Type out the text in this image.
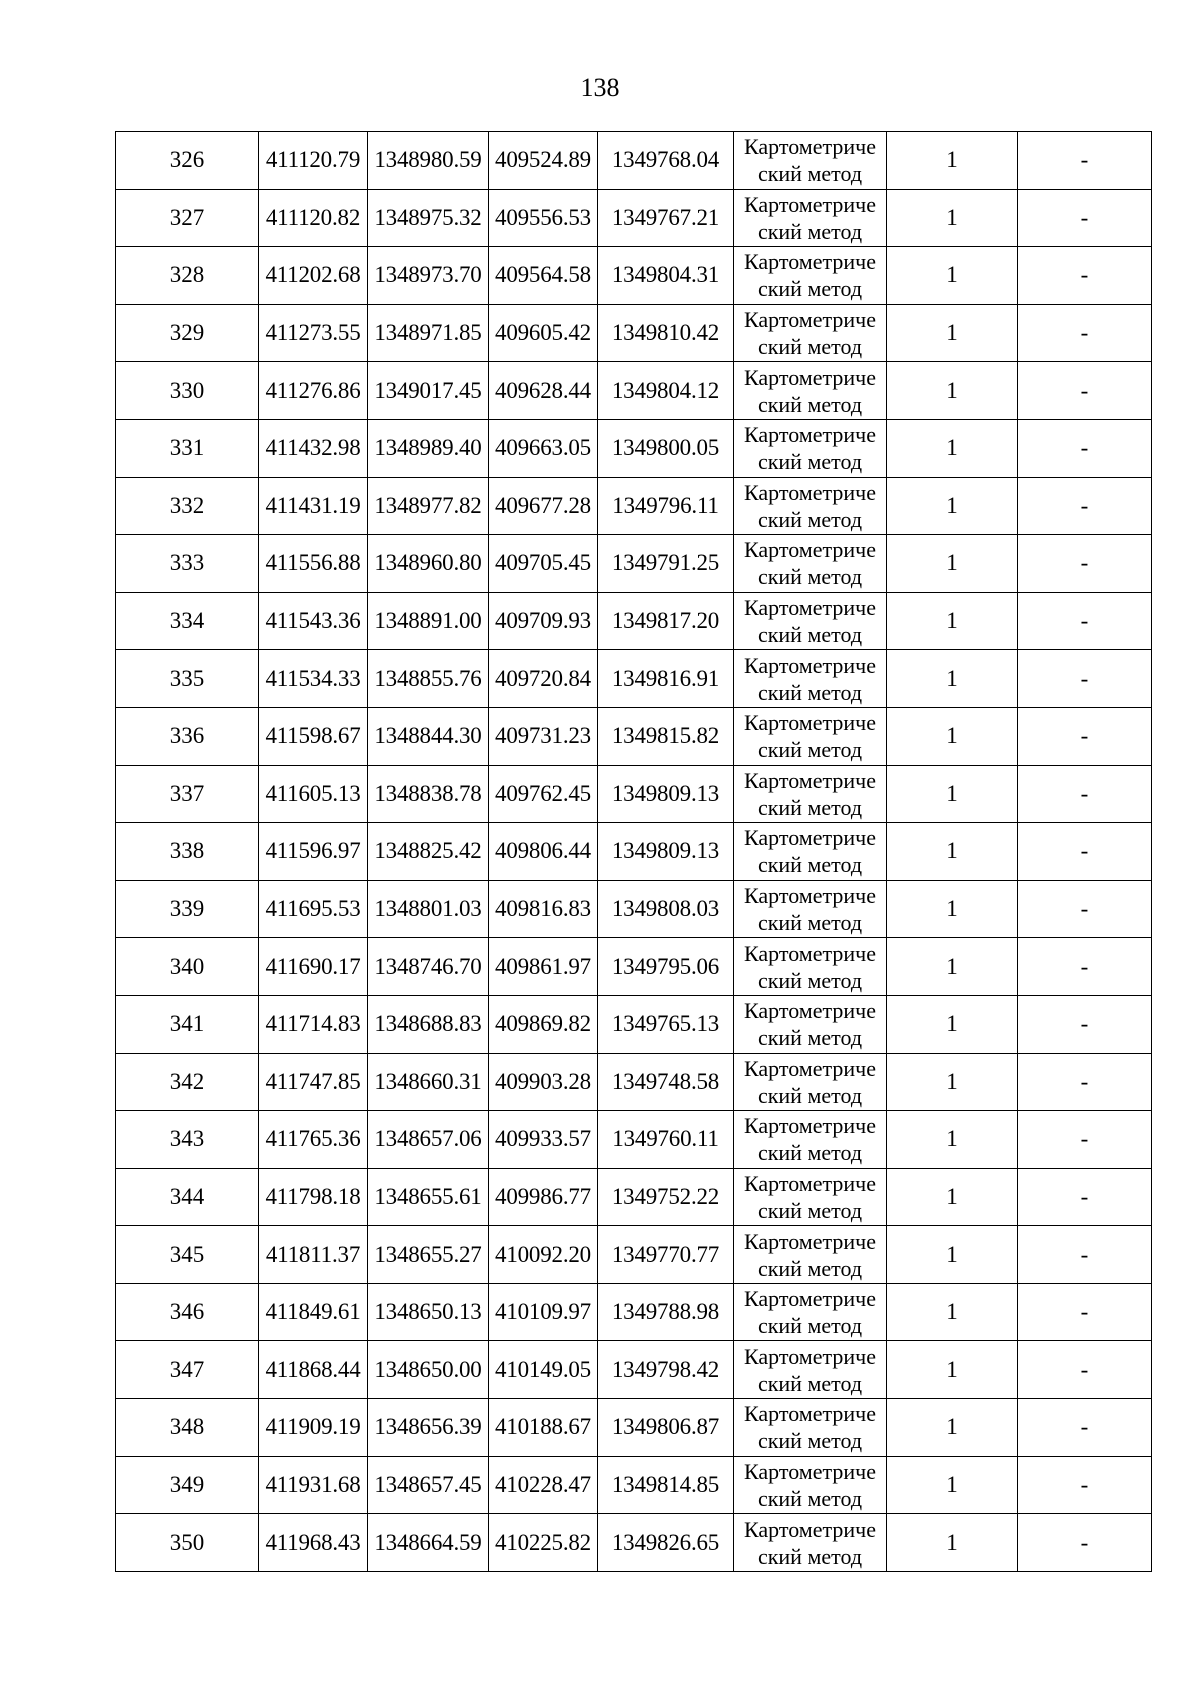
138
326	411120.79	1348980.59	409524.89	1349768.04	Картометриче ский метод	1	-
327	411120.82	1348975.32	409556.53	1349767.21	Картометриче ский метод	1	-
328	411202.68	1348973.70	409564.58	1349804.31	Картометриче ский метод	1	-
329	411273.55	1348971.85	409605.42	1349810.42	Картометриче ский метод	1	-
330	411276.86	1349017.45	409628.44	1349804.12	Картометриче ский метод	1	-
331	411432.98	1348989.40	409663.05	1349800.05	Картометриче ский метод	1	-
332	411431.19	1348977.82	409677.28	1349796.11	Картометриче ский метод	1	-
333	411556.88	1348960.80	409705.45	1349791.25	Картометриче ский метод	1	-
334	411543.36	1348891.00	409709.93	1349817.20	Картометриче ский метод	1	-
335	411534.33	1348855.76	409720.84	1349816.91	Картометриче ский метод	1	-
336	411598.67	1348844.30	409731.23	1349815.82	Картометриче ский метод	1	-
337	411605.13	1348838.78	409762.45	1349809.13	Картометриче ский метод	1	-
338	411596.97	1348825.42	409806.44	1349809.13	Картометриче ский метод	1	-
339	411695.53	1348801.03	409816.83	1349808.03	Картометриче ский метод	1	-
340	411690.17	1348746.70	409861.97	1349795.06	Картометриче ский метод	1	-
341	411714.83	1348688.83	409869.82	1349765.13	Картометриче ский метод	1	-
342	411747.85	1348660.31	409903.28	1349748.58	Картометриче ский метод	1	-
343	411765.36	1348657.06	409933.57	1349760.11	Картометриче ский метод	1	-
344	411798.18	1348655.61	409986.77	1349752.22	Картометриче ский метод	1	-
345	411811.37	1348655.27	410092.20	1349770.77	Картометриче ский метод	1	-
346	411849.61	1348650.13	410109.97	1349788.98	Картометриче ский метод	1	-
347	411868.44	1348650.00	410149.05	1349798.42	Картометриче ский метод	1	-
348	411909.19	1348656.39	410188.67	1349806.87	Картометриче ский метод	1	-
349	411931.68	1348657.45	410228.47	1349814.85	Картометриче ский метод	1	-
350	411968.43	1348664.59	410225.82	1349826.65	Картометриче ский метод	1	-
